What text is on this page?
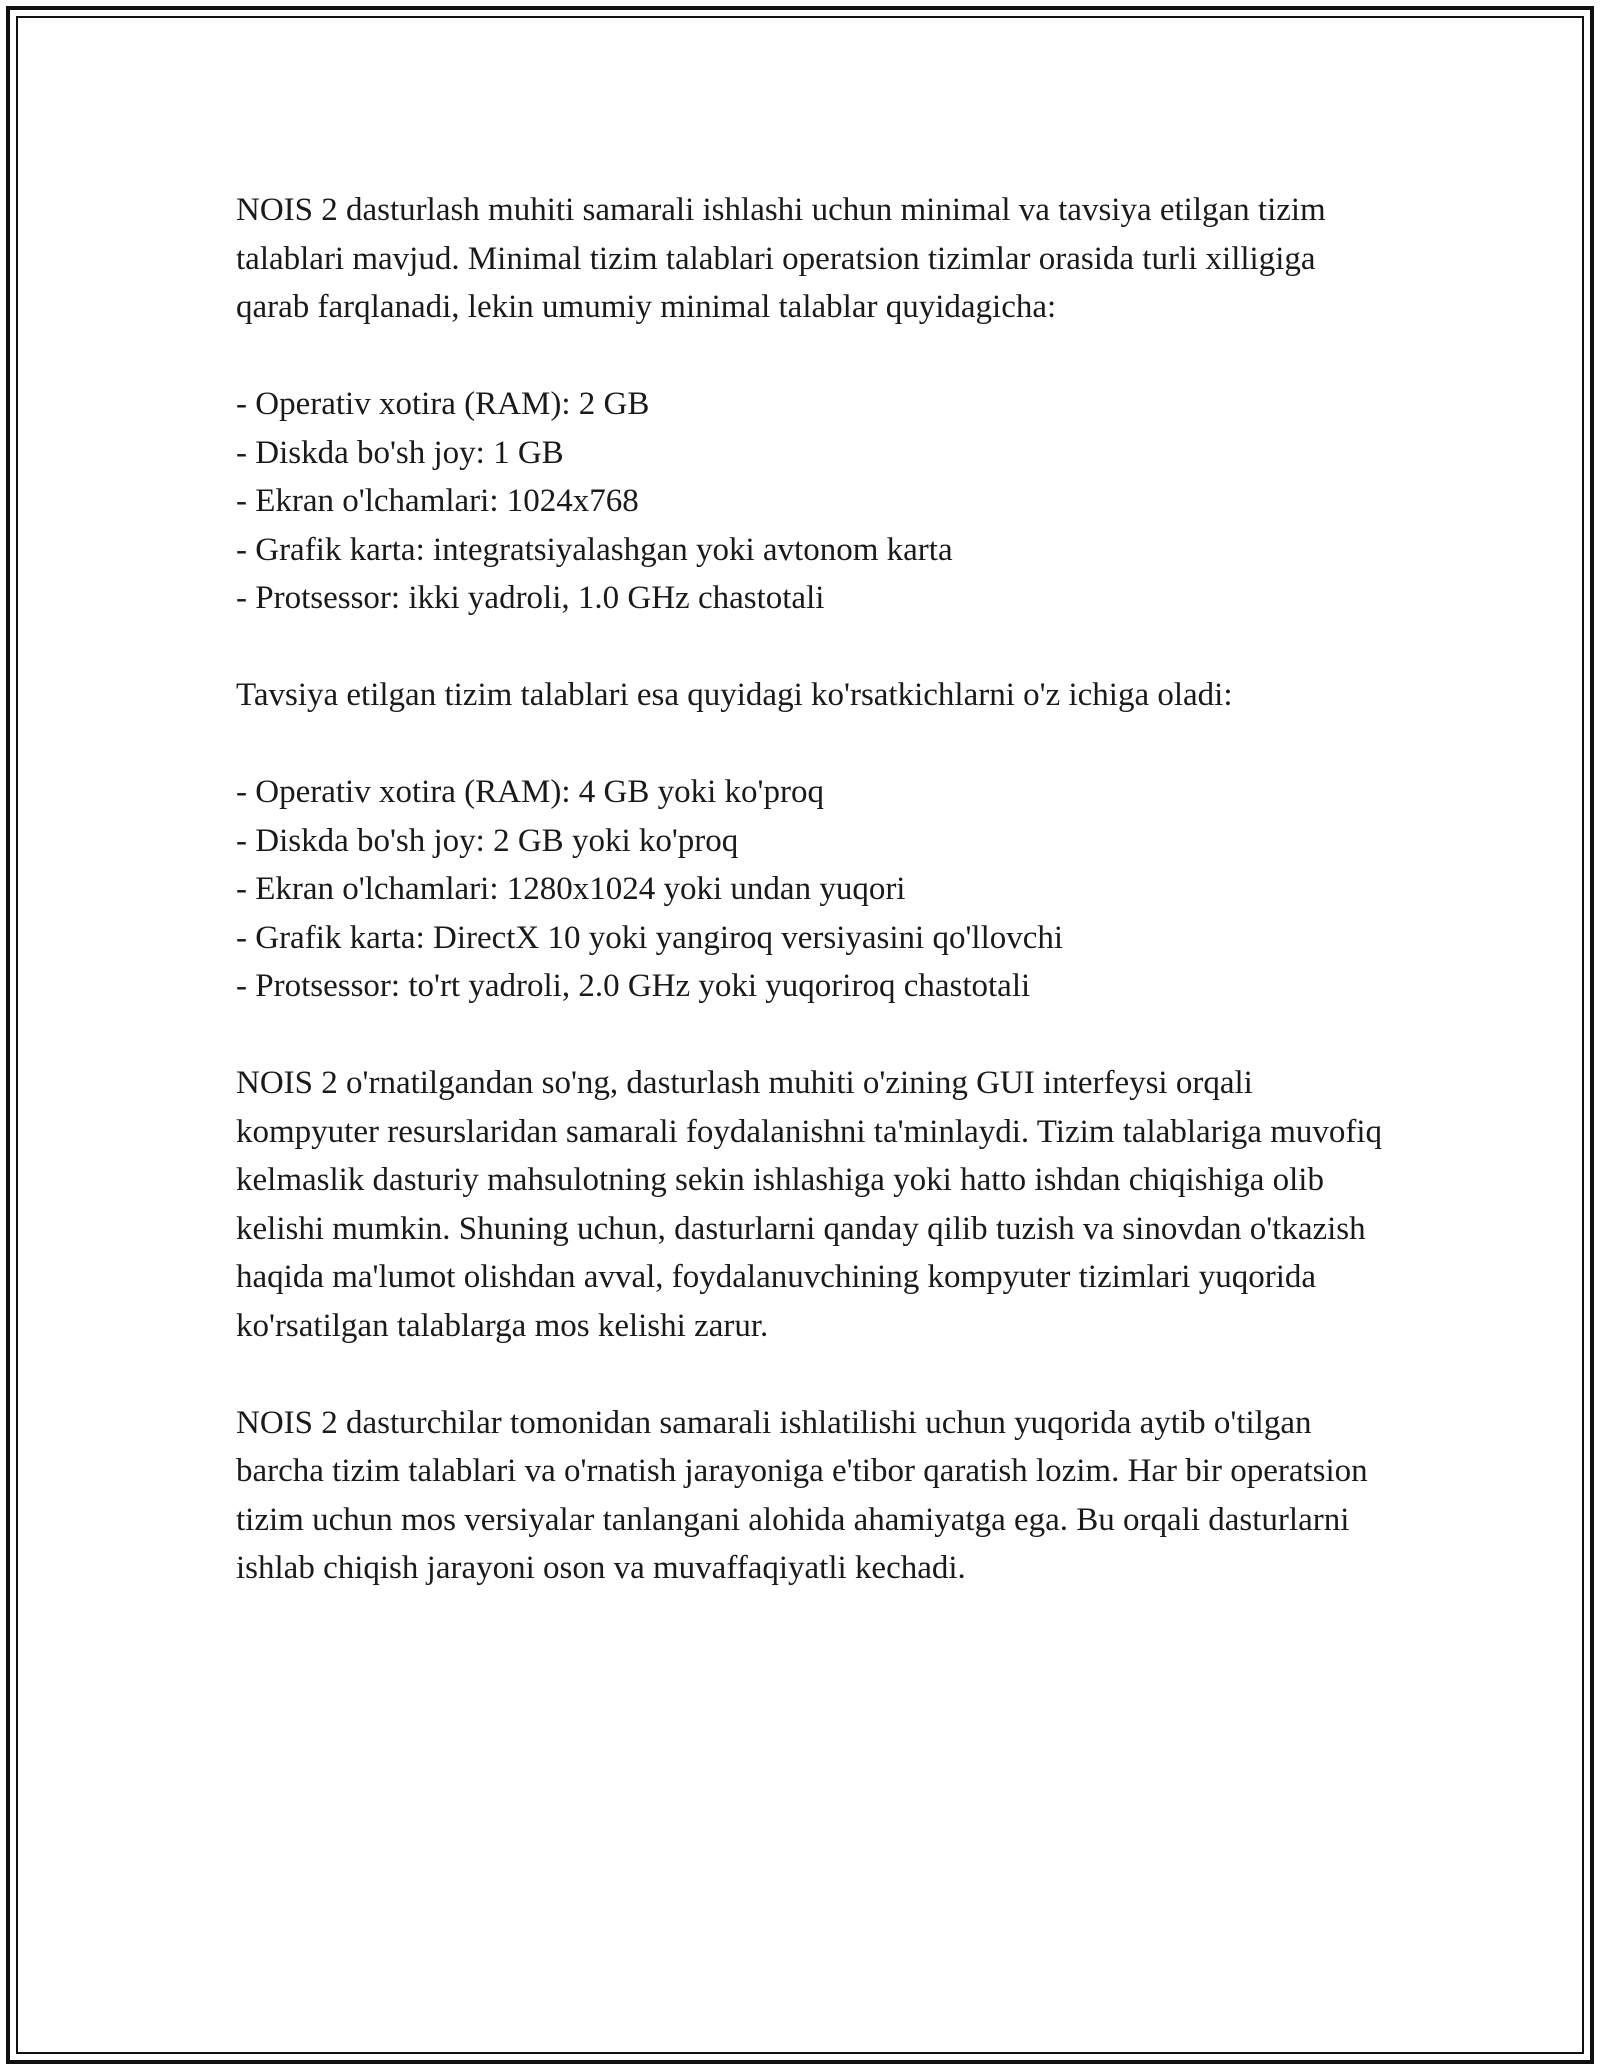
NOIS 2 dasturlash muhiti samarali ishlashi uchun minimal va tavsiya etilgan tizim talablari mavjud. Minimal tizim talablari operatsion tizimlar orasida turli xilligiga qarab farqlanadi, lekin umumiy minimal talablar quyidagicha:

- Operativ xotira (RAM): 2 GB
- Diskda bo'sh joy: 1 GB
- Ekran o'lchamlari: 1024x768
- Grafik karta: integratsiyalashgan yoki avtonom karta
- Protsessor: ikki yadroli, 1.0 GHz chastotali

Tavsiya etilgan tizim talablari esa quyidagi ko'rsatkichlarni o'z ichiga oladi:

- Operativ xotira (RAM): 4 GB yoki ko'proq
- Diskda bo'sh joy: 2 GB yoki ko'proq
- Ekran o'lchamlari: 1280x1024 yoki undan yuqori
- Grafik karta: DirectX 10 yoki yangiroq versiyasini qo'llovchi
- Protsessor: to'rt yadroli, 2.0 GHz yoki yuqoriroq chastotali

NOIS 2 o'rnatilgandan so'ng, dasturlash muhiti o'zining GUI interfeysi orqali kompyuter resurslaridan samarali foydalanishni ta'minlaydi. Tizim talablariga muvofiq kelmaslik dasturiy mahsulotning sekin ishlashiga yoki hatto ishdan chiqishiga olib kelishi mumkin. Shuning uchun, dasturlarni qanday qilib tuzish va sinovdan o'tkazish haqida ma'lumot olishdan avval, foydalanuvchining kompyuter tizimlari yuqorida ko'rsatilgan talablarga mos kelishi zarur.

NOIS 2 dasturchilar tomonidan samarali ishlatilishi uchun yuqorida aytib o'tilgan barcha tizim talablari va o'rnatish jarayoniga e'tibor qaratish lozim. Har bir operatsion tizim uchun mos versiyalar tanlangani alohida ahamiyatga ega. Bu orqali dasturlarni ishlab chiqish jarayoni oson va muvaffaqiyatli kechadi.
